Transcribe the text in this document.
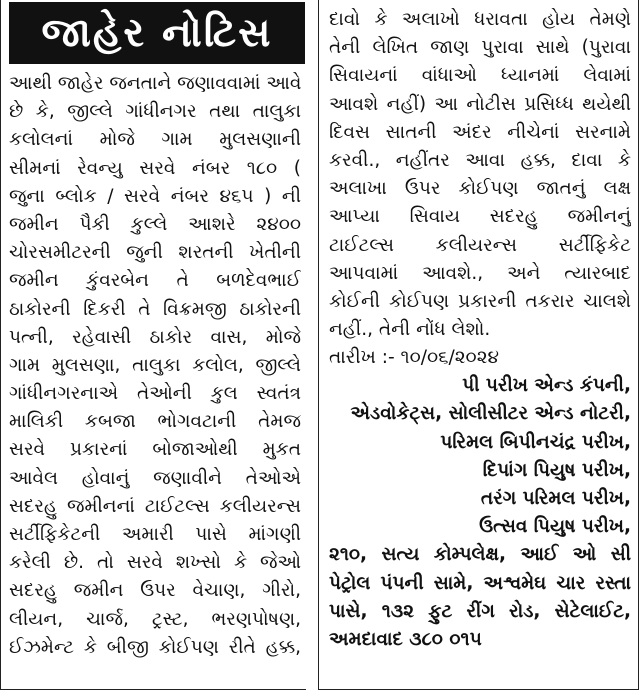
જાહેર નોટિસ
આથી જાહેર જનતાને જણાવવામાં આવે
છે કે, જીલ્લે ગાંધીનગર તથા તાલુકા
કલોલનાં મોજે ગામ મુલસણાની
સીમનાં રેવન્યુ સરવે નંબર ૧૮૦ (
જુના બ્લોક / સરવે નંબર ૪૬૫ ) ની
જમીન પૈકી કુલ્લે આશરે ૨૪૦૦
ચોરસમીટરની જુની શરતની ખેતીની
જમીન કુંવરબેન તે બળદેવભાઈ
ઠાકોરની દિકરી તે વિક્રમજી ઠાકોરની
પત્ની, રહેવાસી ઠાકોર વાસ, મોજે
ગામ મુલસણા, તાલુકા કલોલ, જીલ્લે
ગાંધીનગરનાએ તેઓની કુલ સ્વતંત્ર
માલિકી કબજા ભોગવટાની તેમજ
સરવે પ્રકારનાં બોજાઓથી મુકત
આવેલ હોવાનું જણાવીને તેઓએ
સદરહુ જમીનનાં ટાઈટલ્સ કલીયરન્સ
સર્ટીફિકેટની અમારી પાસે માંગણી
કરેલી છે. તો સરવે શખ્સો કે જેઓ
સદરહુ જમીન ઉપર વેચાણ, ગીરો,
લીયન, ચાર્જ, ટ્રસ્ટ, ભરણપોષણ,
ઈઝમેન્ટ કે બીજી કોઈપણ રીતે હક્ક,
દાવો કે અલાખો ધરાવતા હોય તેમણે
તેની લેખિત જાણ પુરાવા સાથે (પુરાવા
સિવાયનાં વાંધાઓ ધ્યાનમાં લેવામાં
આવશે નહીં) આ નોટીસ પ્રસિધ્ધ થયેથી
દિવસ સાતની અંદર નીચેનાં સરનામે
કરવી., નહીંતર આવા હક્ક, દાવા કે
અલાખા ઉપર કોઈપણ જાતનું લક્ષ
આપ્યા સિવાય સદરહુ જમીનનું
ટાઈટલ્સ કલીયરન્સ સર્ટીફિકેટ
આપવામાં આવશે., અને ત્યારબાદ
કોઈની કોઈપણ પ્રકારની તકરાર ચાલશે
નહીં., તેની નોંધ લેશો.
તારીખ :- ૧૦/૦૬/૨૦૨૪
પી પરીખ એન્ડ કંપની,
એડવોકેટ્સ, સોલીસીટર એન્ડ નોટરી,
પરિમલ બિપીનચંદ્ર પરીખ,
દિપાંગ પિયુષ પરીખ,
તરંગ પરિમલ પરીખ,
ઉત્સવ પિયુષ પરીખ,
૨૧૦, સત્ય કોમ્પલેક્ષ, આઈ ઓ સી
પેટ્રોલ પંપની સામે, અશ્વમેઘ ચાર રસ્તા
પાસે, ૧૩૨ ફુટ રીંગ રોડ, સેટેલાઈટ,
અમદાવાદ ૩૮૦ ૦૧૫
